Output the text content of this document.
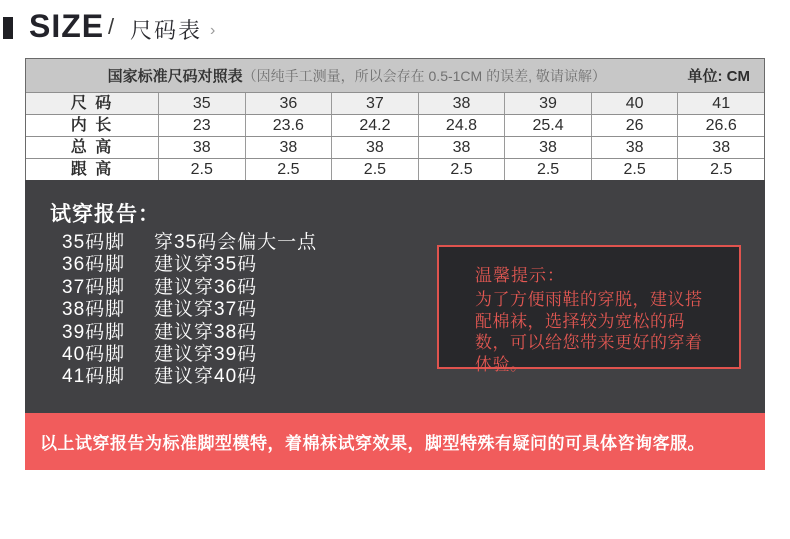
SIZE / 尺码表 ›
国家标准尺码对照表（因纯手工测量，所以会存在 0.5-1CM 的误差, 敬请谅解）	单位: CM
尺 码	35	36	37	38	39	40	41
内 长	23	23.6	24.2	24.8	25.4	26	26.6
总 高	38	38	38	38	38	38	38
跟 高	2.5	2.5	2.5	2.5	2.5	2.5	2.5
试穿报告：
35码脚 穿35码会偏大一点
36码脚 建议穿35码
37码脚 建议穿36码
38码脚 建议穿37码
39码脚 建议穿38码
40码脚 建议穿39码
41码脚 建议穿40码
温馨提示：
为了方便雨鞋的穿脱，建议搭配棉袜，选择较为宽松的码数，可以给您带来更好的穿着体验。
以上试穿报告为标准脚型模特，着棉袜试穿效果，脚型特殊有疑问的可具体咨询客服。
